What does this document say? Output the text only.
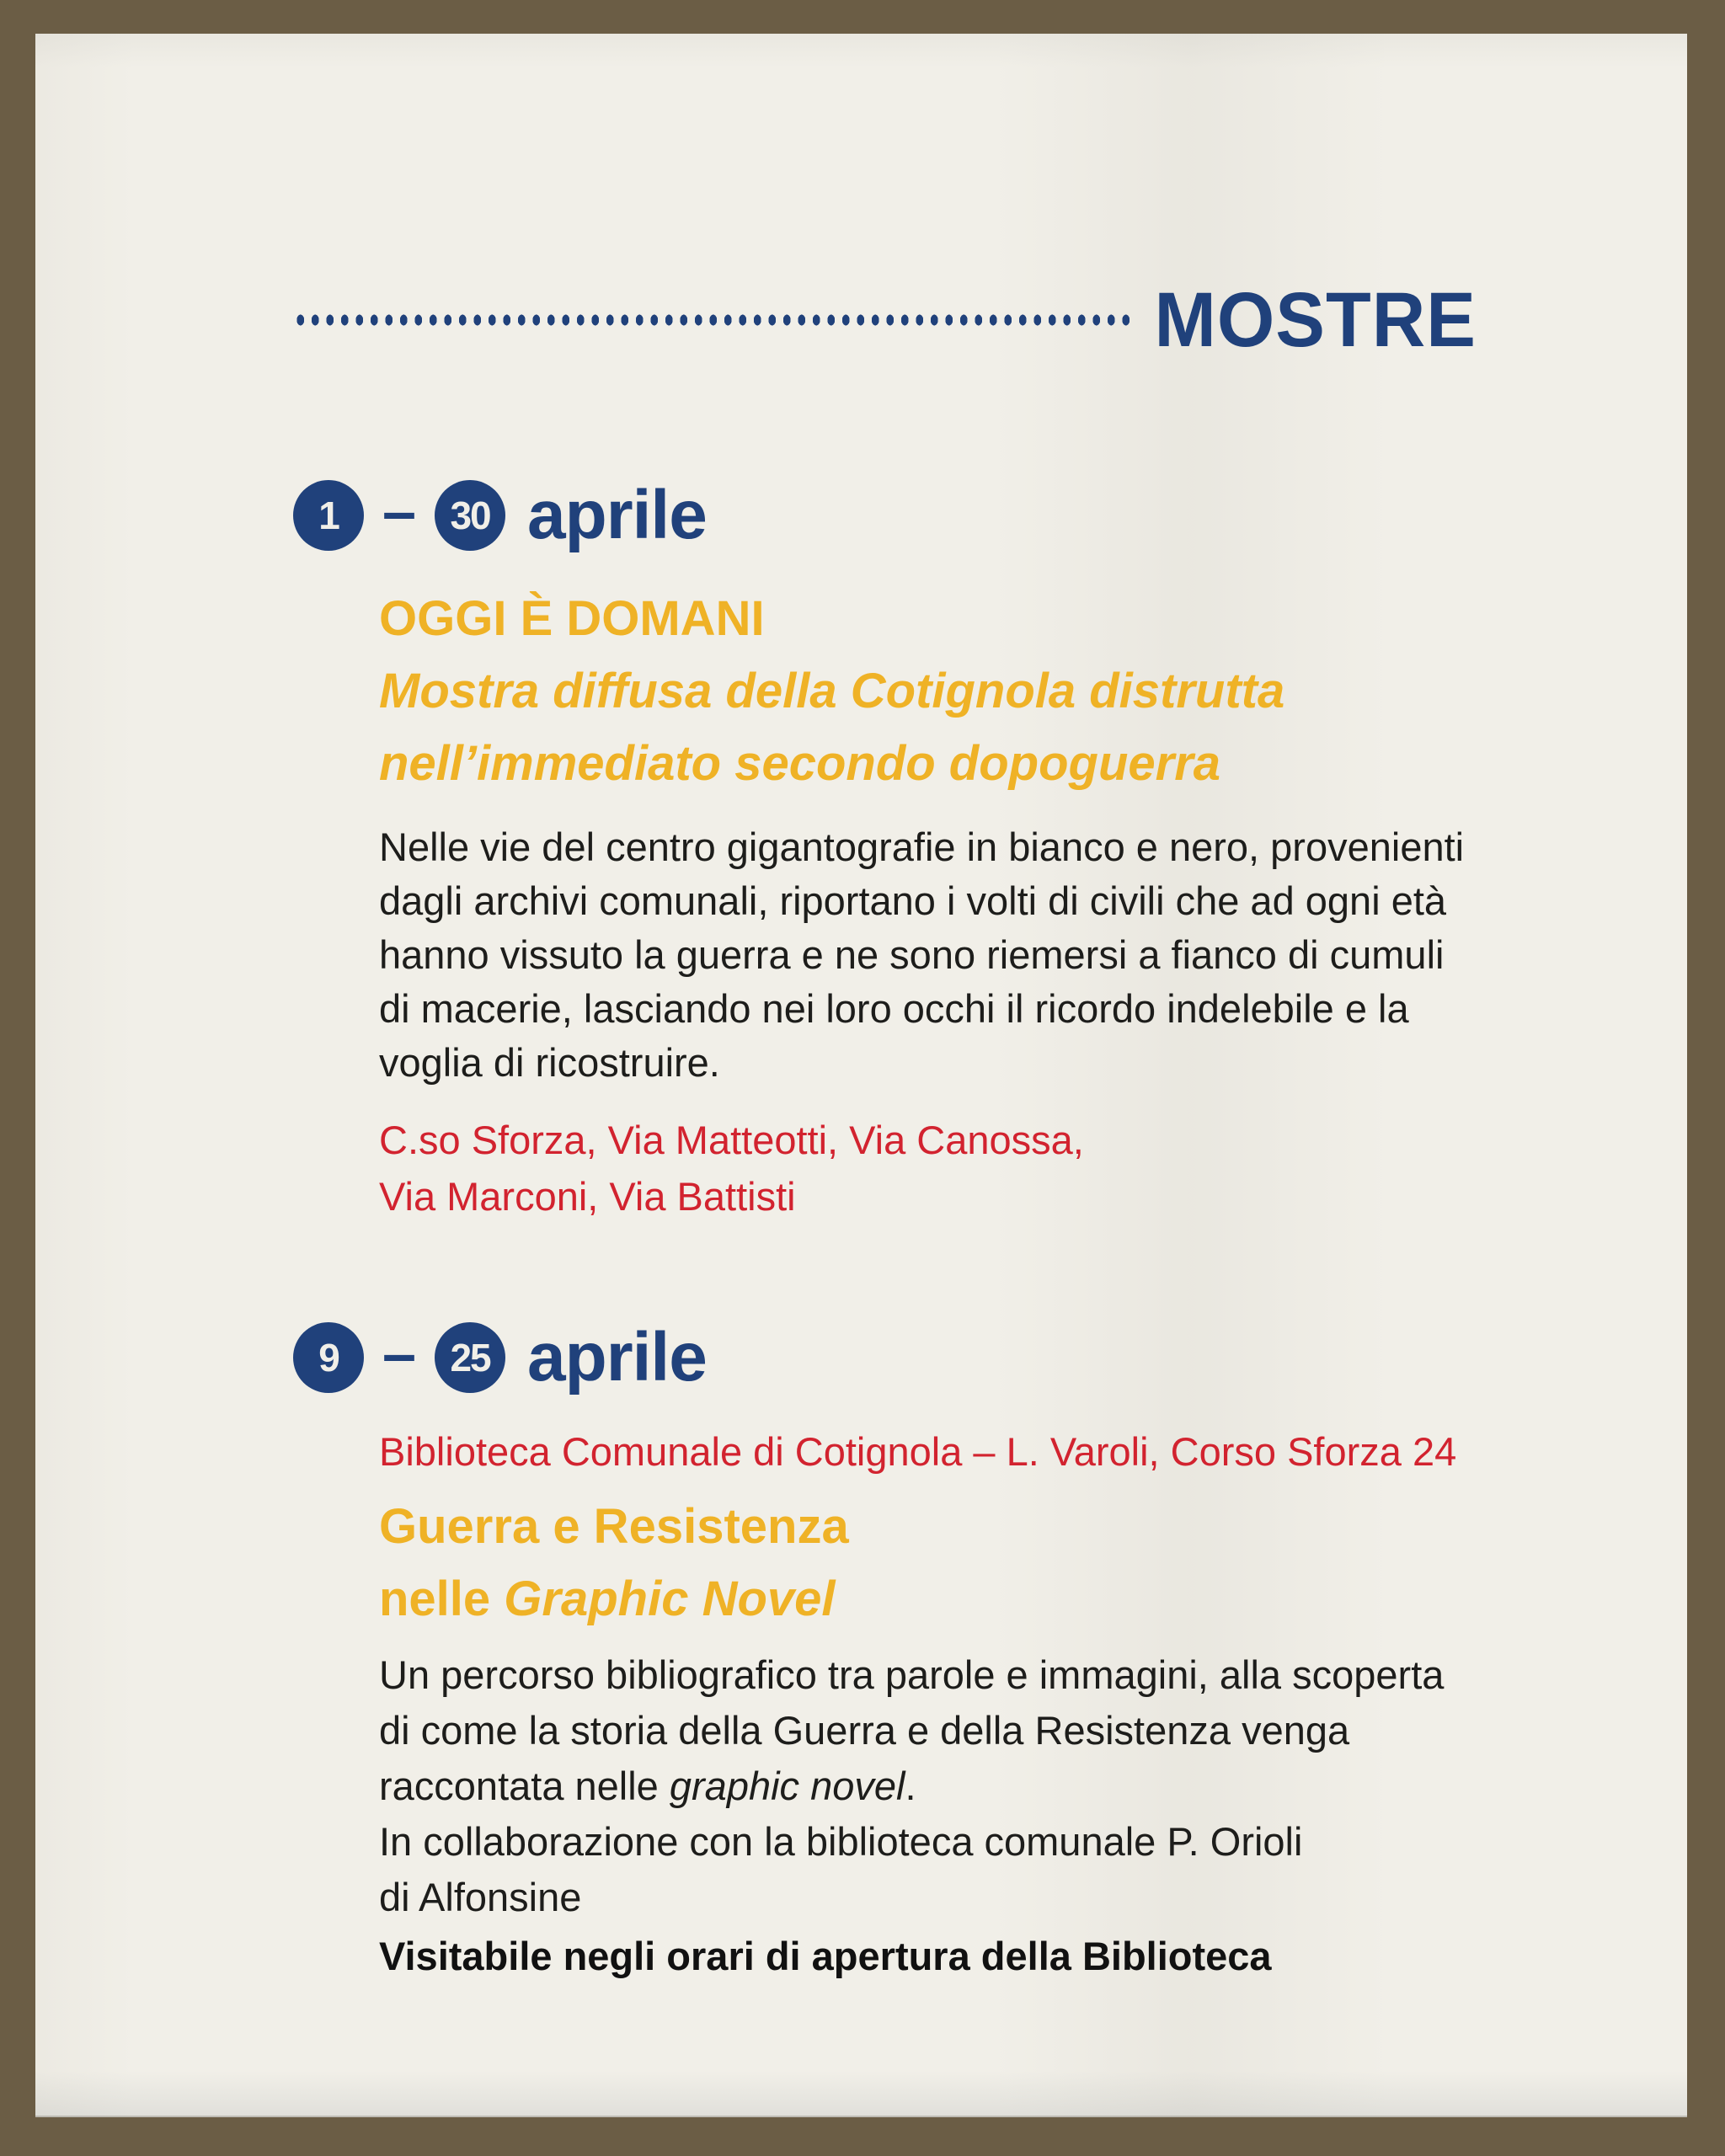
MOSTRE
1 – 30 aprile
OGGI È DOMANI
Mostra diffusa della Cotignola distrutta
nell’immediato secondo dopoguerra
Nelle vie del centro gigantografie in bianco e nero, provenienti
dagli archivi comunali, riportano i volti di civili che ad ogni età
hanno vissuto la guerra e ne sono riemersi a fianco di cumuli
di macerie, lasciando nei loro occhi il ricordo indelebile e la
voglia di ricostruire.
C.so Sforza, Via Matteotti, Via Canossa,
Via Marconi, Via Battisti
9 – 25 aprile
Biblioteca Comunale di Cotignola – L. Varoli, Corso Sforza 24
Guerra e Resistenza
nelle Graphic Novel
Un percorso bibliografico tra parole e immagini, alla scoperta
di come la storia della Guerra e della Resistenza venga
raccontata nelle graphic novel.
In collaborazione con la biblioteca comunale P. Orioli
di Alfonsine
Visitabile negli orari di apertura della Biblioteca
